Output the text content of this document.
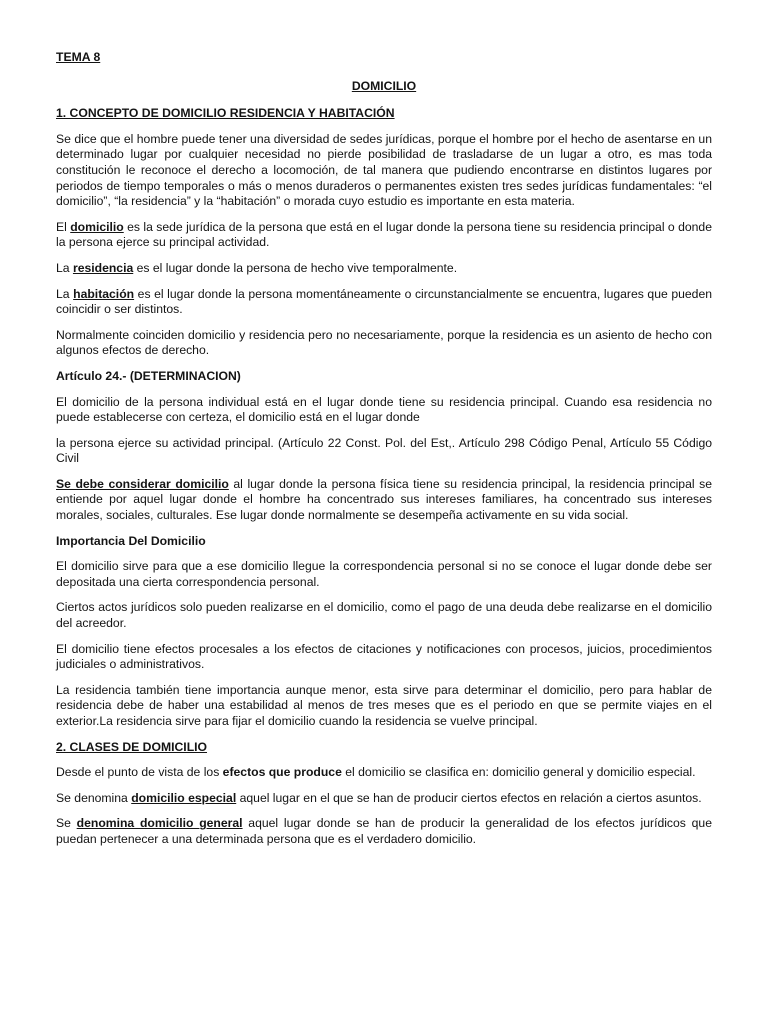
TEMA 8
DOMICILIO
1. CONCEPTO DE DOMICILIO RESIDENCIA Y HABITACIÓN

Se dice que el hombre puede tener una diversidad de sedes jurídicas, porque el hombre por el hecho de asentarse en un determinado lugar por cualquier necesidad no pierde posibilidad de trasladarse de un lugar a otro, es mas toda constitución le reconoce el derecho a locomoción, de tal manera que pudiendo encontrarse en distintos lugares por periodos de tiempo temporales o más o menos duraderos o permanentes existen tres sedes jurídicas fundamentales: “el domicilio”, “la residencia” y la “habitación” o morada cuyo estudio es importante en esta materia.

El domicilio es la sede jurídica de la persona que está en el lugar donde la persona tiene su residencia principal o donde la persona ejerce su principal actividad.

La residencia es el lugar donde la persona de hecho vive temporalmente.

La habitación es el lugar donde la persona momentáneamente o circunstancialmente se encuentra, lugares que pueden coincidir o ser distintos.

Normalmente coinciden domicilio y residencia pero no necesariamente, porque la residencia es un asiento de hecho con algunos efectos de derecho.

Artículo 24.- (DETERMINACION)

El domicilio de la persona individual está en el lugar donde tiene su residencia principal. Cuando esa residencia no puede establecerse con certeza, el domicilio está en el lugar donde

la persona ejerce su actividad principal. (Artículo 22 Const. Pol. del Est,. Artículo 298 Código Penal, Artículo 55 Código Civil

Se debe considerar domicilio al lugar donde la persona física tiene su residencia principal, la residencia principal se entiende por aquel lugar donde el hombre ha concentrado sus intereses familiares, ha concentrado sus intereses morales, sociales, culturales. Ese lugar donde normalmente se desempeña activamente en su vida social.

Importancia Del Domicilio

El domicilio sirve para que a ese domicilio llegue la correspondencia personal si no se conoce el lugar donde debe ser depositada una cierta correspondencia personal.

Ciertos actos jurídicos solo pueden realizarse en el domicilio, como el pago de una deuda debe realizarse en el domicilio del acreedor.

El domicilio tiene efectos procesales a los efectos de citaciones y notificaciones con procesos, juicios, procedimientos judiciales o administrativos.

La residencia también tiene importancia aunque menor, esta sirve para determinar el domicilio, pero para hablar de residencia debe de haber una estabilidad al menos de tres meses que es el periodo en que se permite viajes en el exterior.La residencia sirve para fijar el domicilio cuando la residencia se vuelve principal.

2. CLASES DE DOMICILIO

Desde el punto de vista de los efectos que produce el domicilio se clasifica en: domicilio general y domicilio especial.

Se denomina domicilio especial aquel lugar en el que se han de producir ciertos efectos en relación a ciertos asuntos.

Se denomina domicilio general aquel lugar donde se han de producir la generalidad de los efectos jurídicos que puedan pertenecer a una determinada persona que es el verdadero domicilio.
